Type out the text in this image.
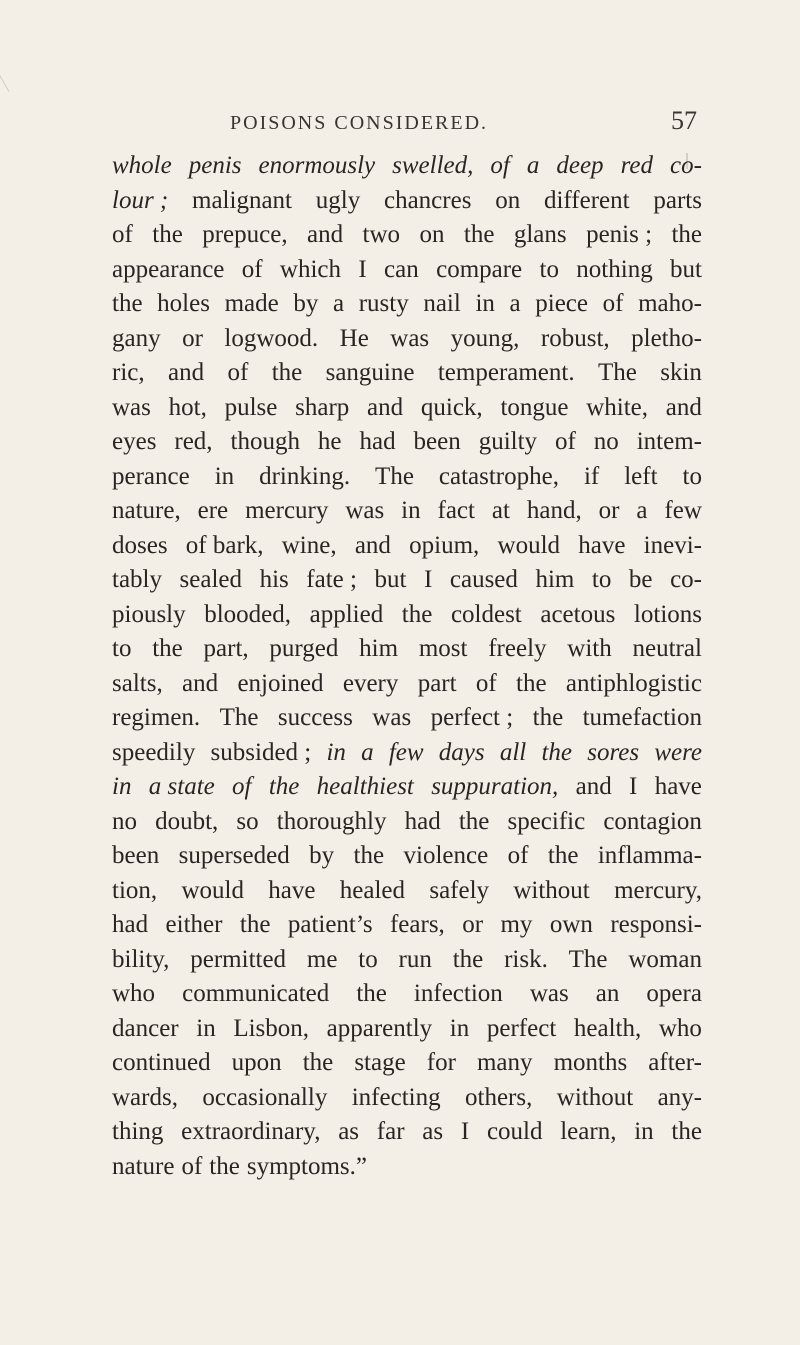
POISONS CONSIDERED.	57
whole penis enormously swelled, of a deep red co-
lour ; malignant ugly chancres on different parts
of the prepuce, and two on the glans penis ; the
appearance of which I can compare to nothing but
the holes made by a rusty nail in a piece of maho-
gany or logwood. He was young, robust, pletho-
ric, and of the sanguine temperament. The skin
was hot, pulse sharp and quick, tongue white, and
eyes red, though he had been guilty of no intem-
perance in drinking. The catastrophe, if left to
nature, ere mercury was in fact at hand, or a few
doses of bark, wine, and opium, would have inevi-
tably sealed his fate ; but I caused him to be co-
piously blooded, applied the coldest acetous lotions
to the part, purged him most freely with neutral
salts, and enjoined every part of the antiphlogistic
regimen. The success was perfect ; the tumefaction
speedily subsided ; in a few days all the sores were
in a state of the healthiest suppuration, and I have
no doubt, so thoroughly had the specific contagion
been superseded by the violence of the inflamma-
tion, would have healed safely without mercury,
had either the patient’s fears, or my own responsi-
bility, permitted me to run the risk. The woman
who communicated the infection was an opera
dancer in Lisbon, apparently in perfect health, who
continued upon the stage for many months after-
wards, occasionally infecting others, without any-
thing extraordinary, as far as I could learn, in the
nature of the symptoms.”
